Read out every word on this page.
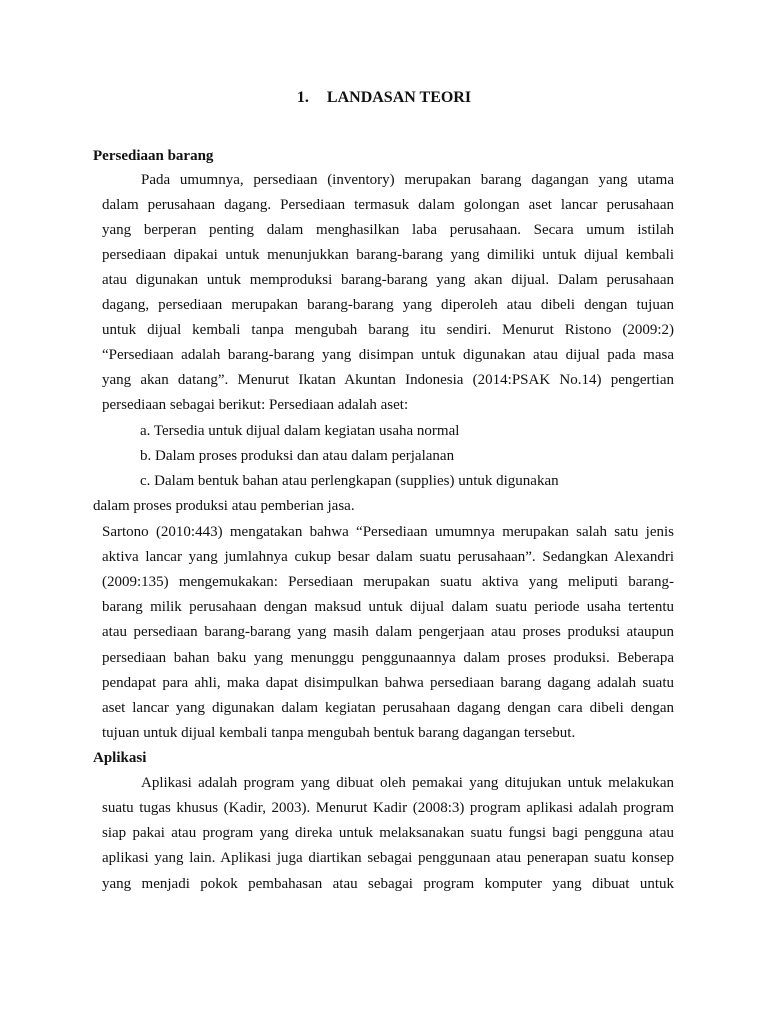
1. LANDASAN TEORI
Persediaan barang
Pada umumnya, persediaan (inventory) merupakan barang dagangan yang utama
dalam perusahaan dagang. Persediaan termasuk dalam golongan aset lancar perusahaan
yang berperan penting dalam menghasilkan laba perusahaan. Secara umum istilah
persediaan dipakai untuk menunjukkan barang-barang yang dimiliki untuk dijual kembali
atau digunakan untuk memproduksi barang-barang yang akan dijual. Dalam perusahaan
dagang, persediaan merupakan barang-barang yang diperoleh atau dibeli dengan tujuan
untuk dijual kembali tanpa mengubah barang itu sendiri. Menurut Ristono (2009:2)
“Persediaan adalah barang-barang yang disimpan untuk digunakan atau dijual pada masa
yang akan datang”. Menurut Ikatan Akuntan Indonesia (2014:PSAK No.14) pengertian
persediaan sebagai berikut: Persediaan adalah aset:
a. Tersedia untuk dijual dalam kegiatan usaha normal
b. Dalam proses produksi dan atau dalam perjalanan
c. Dalam bentuk bahan atau perlengkapan (supplies) untuk digunakan
dalam proses produksi atau pemberian jasa.
Sartono (2010:443) mengatakan bahwa “Persediaan umumnya merupakan salah satu jenis
aktiva lancar yang jumlahnya cukup besar dalam suatu perusahaan”. Sedangkan Alexandri
(2009:135) mengemukakan: Persediaan merupakan suatu aktiva yang meliputi barang-
barang milik perusahaan dengan maksud untuk dijual dalam suatu periode usaha tertentu
atau persediaan barang-barang yang masih dalam pengerjaan atau proses produksi ataupun
persediaan bahan baku yang menunggu penggunaannya dalam proses produksi. Beberapa
pendapat para ahli, maka dapat disimpulkan bahwa persediaan barang dagang adalah suatu
aset lancar yang digunakan dalam kegiatan perusahaan dagang dengan cara dibeli dengan
tujuan untuk dijual kembali tanpa mengubah bentuk barang dagangan tersebut.
Aplikasi
Aplikasi adalah program yang dibuat oleh pemakai yang ditujukan untuk melakukan
suatu tugas khusus (Kadir, 2003). Menurut Kadir (2008:3) program aplikasi adalah program
siap pakai atau program yang direka untuk melaksanakan suatu fungsi bagi pengguna atau
aplikasi yang lain. Aplikasi juga diartikan sebagai penggunaan atau penerapan suatu konsep
yang menjadi pokok pembahasan atau sebagai program komputer yang dibuat untuk
